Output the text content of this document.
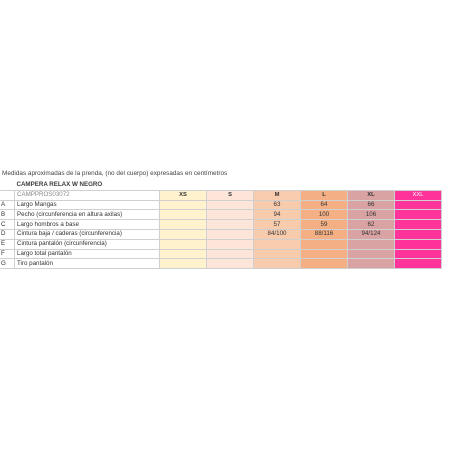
Medidas aproximadas de la prenda, (no del cuerpo) expresadas en centímetros
	CAMPERA RELAX W NEGRO						
	CAMPPROS03072	XS	S	M	L	XL	XXL
A	Largo Mangas			63	64	66	
B	Pecho (circunferencia en altura axilas)			94	100	106	
C	Largo hombros a base			57	59	62	
D	Cintura baja / caderas (circunferencia)			84/100	88/116	94/124	
E	Cintura pantalón (circunferencia)						
F	Largo total pantalón						
G	Tiro pantalón						
